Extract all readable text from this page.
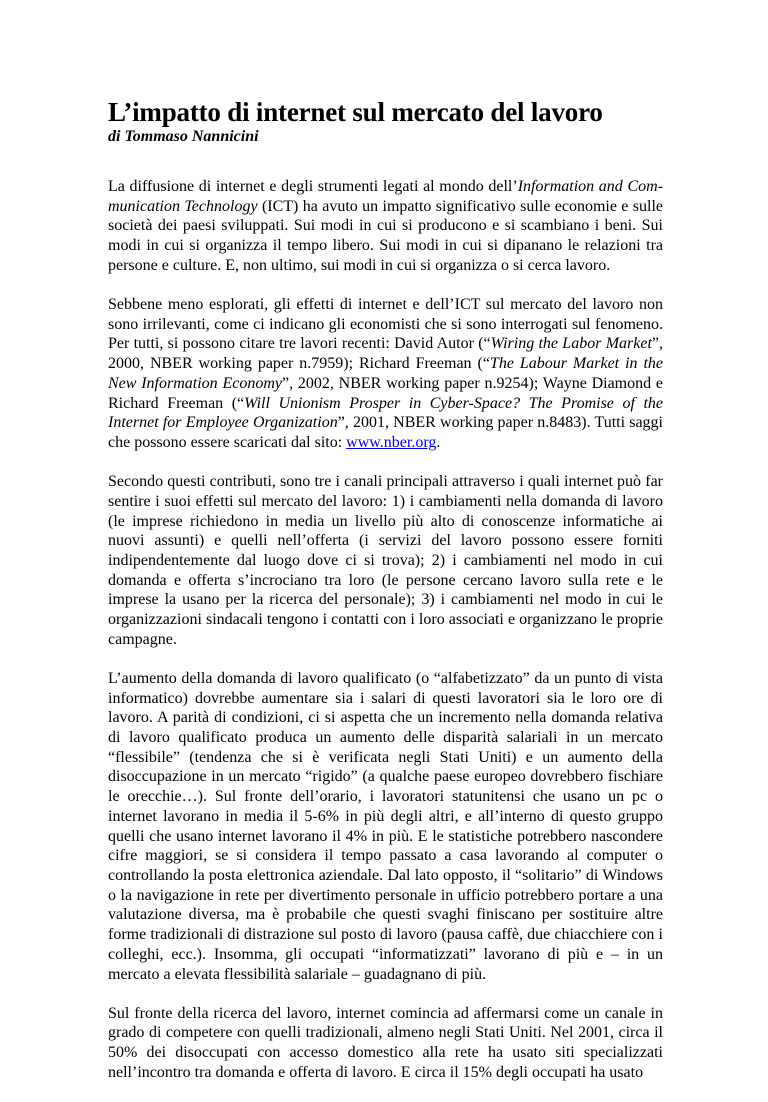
L’impatto di internet sul mercato del lavoro

di Tommaso Nannicini

La diffusione di internet e degli strumenti legati al mondo dell’Information and Communication Technology (ICT) ha avuto un impatto significativo sulle economie e sulle società dei paesi sviluppati. Sui modi in cui si producono e si scambiano i beni. Sui modi in cui si organizza il tempo libero. Sui modi in cui si dipanano le relazioni tra persone e culture. E, non ultimo, sui modi in cui si organizza o si cerca lavoro.

Sebbene meno esplorati, gli effetti di internet e dell’ICT sul mercato del lavoro non sono irrilevanti, come ci indicano gli economisti che si sono interrogati sul fenomeno. Per tutti, si possono citare tre lavori recenti: David Autor (“Wiring the Labor Market”, 2000, NBER working paper n.7959); Richard Freeman (“The Labour Market in the New Information Economy”, 2002, NBER working paper n.9254); Wayne Diamond e Richard Freeman (“Will Unionism Prosper in Cyber-Space? The Promise of the Internet for Employee Organization”, 2001, NBER working paper n.8483). Tutti saggi che possono essere scaricati dal sito: www.nber.org.

Secondo questi contributi, sono tre i canali principali attraverso i quali internet può far sentire i suoi effetti sul mercato del lavoro: 1) i cambiamenti nella domanda di lavoro (le imprese richiedono in media un livello più alto di conoscenze informatiche ai nuovi assunti) e quelli nell’offerta (i servizi del lavoro possono essere forniti indipendentemente dal luogo dove ci si trova); 2) i cambiamenti nel modo in cui domanda e offerta s’incrociano tra loro (le persone cercano lavoro sulla rete e le imprese la usano per la ricerca del personale); 3) i cambiamenti nel modo in cui le organizzazioni sindacali tengono i contatti con i loro associati e organizzano le proprie campagne.

L’aumento della domanda di lavoro qualificato (o “alfabetizzato” da un punto di vista informatico) dovrebbe aumentare sia i salari di questi lavoratori sia le loro ore di lavoro. A parità di condizioni, ci si aspetta che un incremento nella domanda relativa di lavoro qualificato produca un aumento delle disparità salariali in un mercato “flessibile” (tendenza che si è verificata negli Stati Uniti) e un aumento della disoccupazione in un mercato “rigido” (a qualche paese europeo dovrebbero fischiare le orecchie…). Sul fronte dell’orario, i lavoratori statunitensi che usano un pc o internet lavorano in media il 5-6% in più degli altri, e all’interno di questo gruppo quelli che usano internet lavorano il 4% in più. E le statistiche potrebbero nascondere cifre maggiori, se si considera il tempo passato a casa lavorando al computer o controllando la posta elettronica aziendale. Dal lato opposto, il “solitario” di Windows o la navigazione in rete per divertimento personale in ufficio potrebbero portare a una valutazione diversa, ma è probabile che questi svaghi finiscano per sostituire altre forme tradizionali di distrazione sul posto di lavoro (pausa caffè, due chiacchiere con i colleghi, ecc.). Insomma, gli occupati “informatizzati” lavorano di più e – in un mercato a elevata flessibilità salariale – guadagnano di più.

Sul fronte della ricerca del lavoro, internet comincia ad affermarsi come un canale in grado di competere con quelli tradizionali, almeno negli Stati Uniti. Nel 2001, circa il 50% dei disoccupati con accesso domestico alla rete ha usato siti specializzati nell’incontro tra domanda e offerta di lavoro. E circa il 15% degli occupati ha usato
